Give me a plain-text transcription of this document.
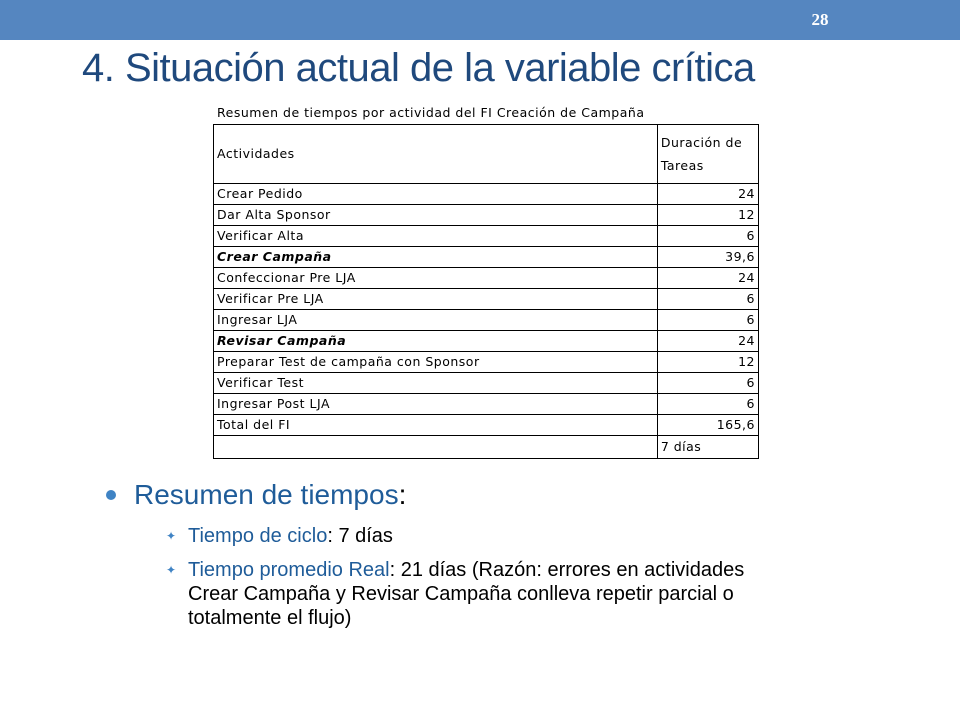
28
4. Situación actual de la variable crítica
Resumen de tiempos por actividad del FI Creación de Campaña
Actividades	Duración de
Tareas
Crear Pedido	24
Dar Alta Sponsor	12
Verificar Alta	6
Crear Campaña	39,6
Confeccionar Pre LJA	24
Verificar Pre LJA	6
Ingresar LJA	6
Revisar Campaña	24
Preparar Test de campaña con Sponsor	12
Verificar Test	6
Ingresar Post LJA	6
Total del FI	165,6
	7 días
Resumen de tiempos:
✦ Tiempo de ciclo: 7 días
✦ Tiempo promedio Real: 21 días (Razón: errores en actividades Crear Campaña y Revisar Campaña conlleva repetir parcial o totalmente el flujo)
